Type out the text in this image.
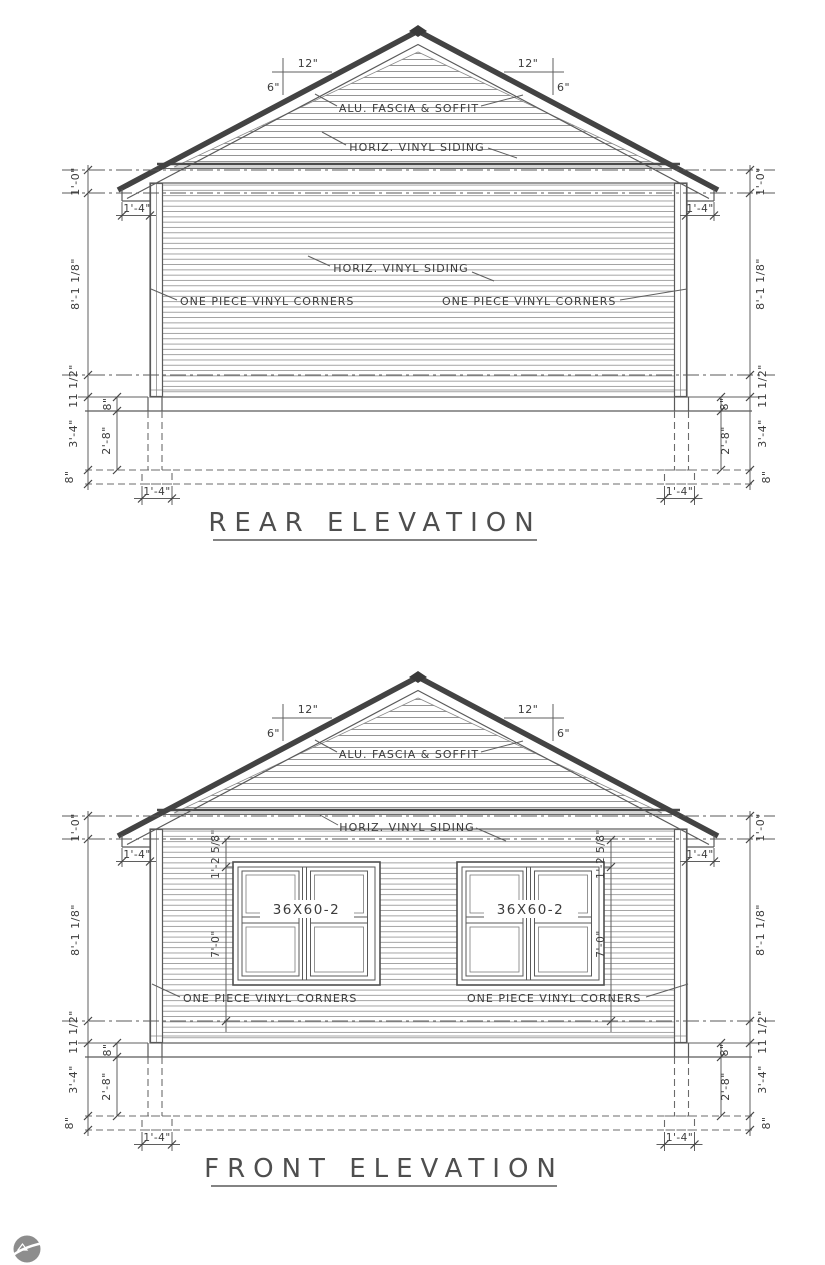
36X60-2
HORIZ. VINYL SIDING
HORIZ. VINYL SIDING
ONE PIECE VINYL CORNERS	ONE PIECE VINYL CORNERS
REAR ELEVATION
HORIZ. VINYL SIDING
1'-2 5/8"
7'-0"
1'-2 5/8"
7'-0"
ONE PIECE VINYL CORNERS	ONE PIECE VINYL CORNERS
FRONT ELEVATION
